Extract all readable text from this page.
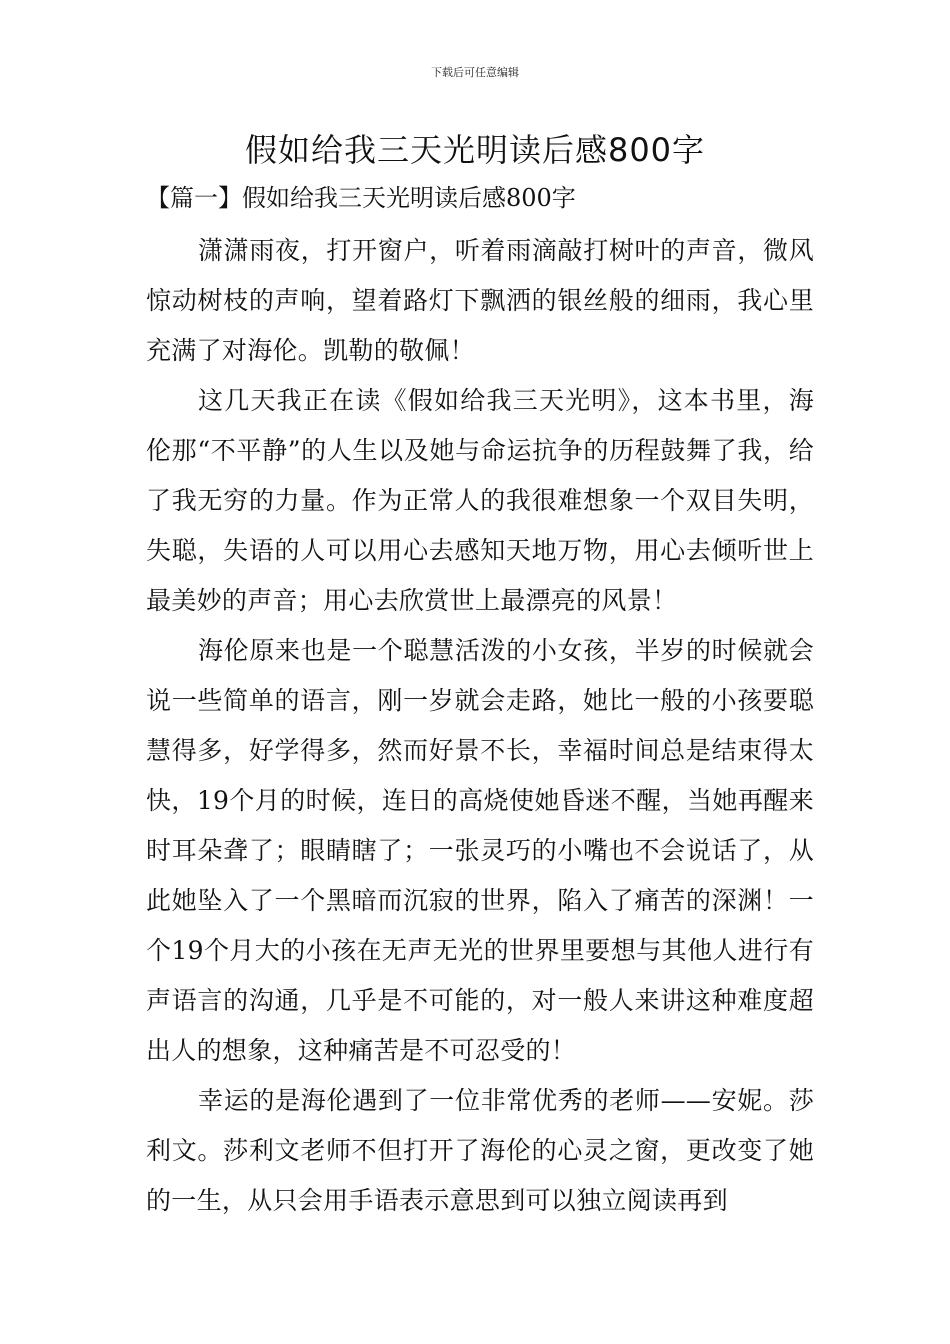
下载后可任意编辑
假如给我三天光明读后感800字
【篇一】假如给我三天光明读后感800字

潇潇雨夜，打开窗户，听着雨滴敲打树叶的声音，微风惊动树枝的声响，望着路灯下飘洒的银丝般的细雨，我心里充满了对海伦。凯勒的敬佩！

这几天我正在读《假如给我三天光明》，这本书里，海伦那“不平静”的人生以及她与命运抗争的历程鼓舞了我，给了我无穷的力量。作为正常人的我很难想象一个双目失明，失聪，失语的人可以用心去感知天地万物，用心去倾听世上最美妙的声音；用心去欣赏世上最漂亮的风景！

海伦原来也是一个聪慧活泼的小女孩，半岁的时候就会说一些简单的语言，刚一岁就会走路，她比一般的小孩要聪慧得多，好学得多，然而好景不长，幸福时间总是结束得太快，19个月的时候，连日的高烧使她昏迷不醒，当她再醒来时耳朵聋了；眼睛瞎了；一张灵巧的小嘴也不会说话了，从此她坠入了一个黑暗而沉寂的世界，陷入了痛苦的深渊！一个19个月大的小孩在无声无光的世界里要想与其他人进行有声语言的沟通，几乎是不可能的，对一般人来讲这种难度超出人的想象，这种痛苦是不可忍受的！

幸运的是海伦遇到了一位非常优秀的老师——安妮。莎利文。莎利文老师不但打开了海伦的心灵之窗，更改变了她的一生，从只会用手语表示意思到可以独立阅读再到
